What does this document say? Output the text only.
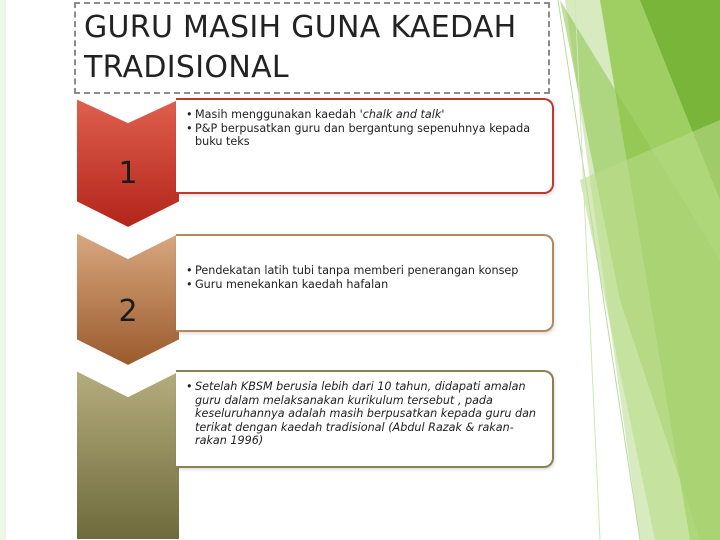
GURU MASIH GUNA KAEDAH TRADISIONAL
1
• Masih menggunakan kaedah 'chalk and talk'
• P&P berpusatkan guru dan bergantung sepenuhnya kepada buku teks
2
• Pendekatan latih tubi tanpa memberi penerangan konsep
• Guru menekankan kaedah hafalan
• Setelah KBSM berusia lebih dari 10 tahun, didapati amalan guru dalam melaksanakan kurikulum tersebut , pada keseluruhannya adalah masih berpusatkan kepada guru dan terikat dengan kaedah tradisional (Abdul Razak & rakan-rakan 1996)
